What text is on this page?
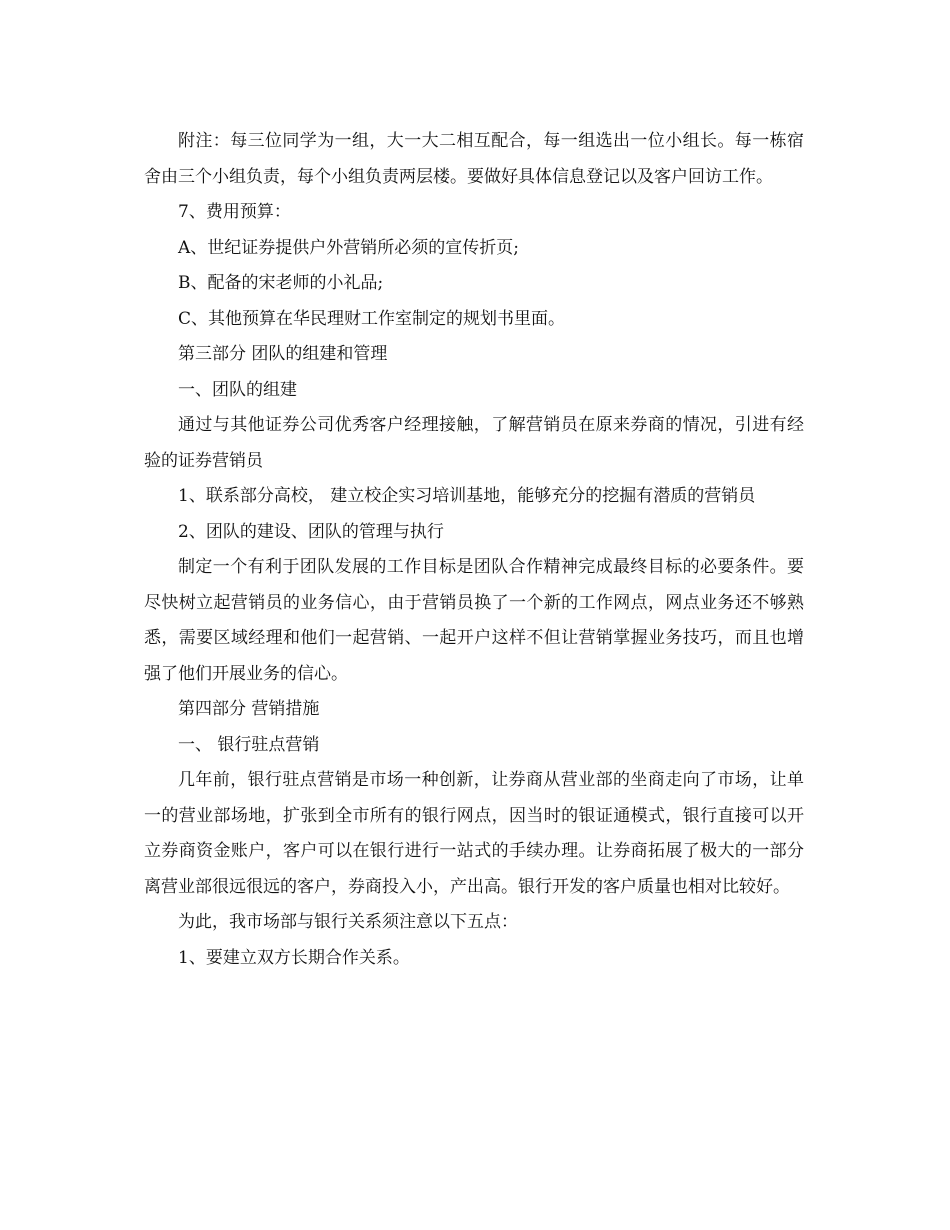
附注：每三位同学为一组，大一大二相互配合，每一组选出一位小组长。每一栋宿舍由三个小组负责，每个小组负责两层楼。要做好具体信息登记以及客户回访工作。

7、费用预算：

A、世纪证券提供户外营销所必须的宣传折页;

B、配备的宋老师的小礼品;

C、其他预算在华民理财工作室制定的规划书里面。

第三部分 团队的组建和管理

一、团队的组建

通过与其他证券公司优秀客户经理接触，了解营销员在原来券商的情况，引进有经验的证券营销员

1、联系部分高校， 建立校企实习培训基地，能够充分的挖掘有潜质的营销员

2、团队的建设、团队的管理与执行

制定一个有利于团队发展的工作目标是团队合作精神完成最终目标的必要条件。要尽快树立起营销员的业务信心，由于营销员换了一个新的工作网点，网点业务还不够熟悉，需要区域经理和他们一起营销、一起开户这样不但让营销掌握业务技巧，而且也增强了他们开展业务的信心。

第四部分 营销措施

一、 银行驻点营销

几年前，银行驻点营销是市场一种创新，让券商从营业部的坐商走向了市场，让单一的营业部场地，扩张到全市所有的银行网点，因当时的银证通模式，银行直接可以开立券商资金账户，客户可以在银行进行一站式的手续办理。让券商拓展了极大的一部分离营业部很远很远的客户，券商投入小，产出高。银行开发的客户质量也相对比较好。

为此，我市场部与银行关系须注意以下五点：

1、要建立双方长期合作关系。
